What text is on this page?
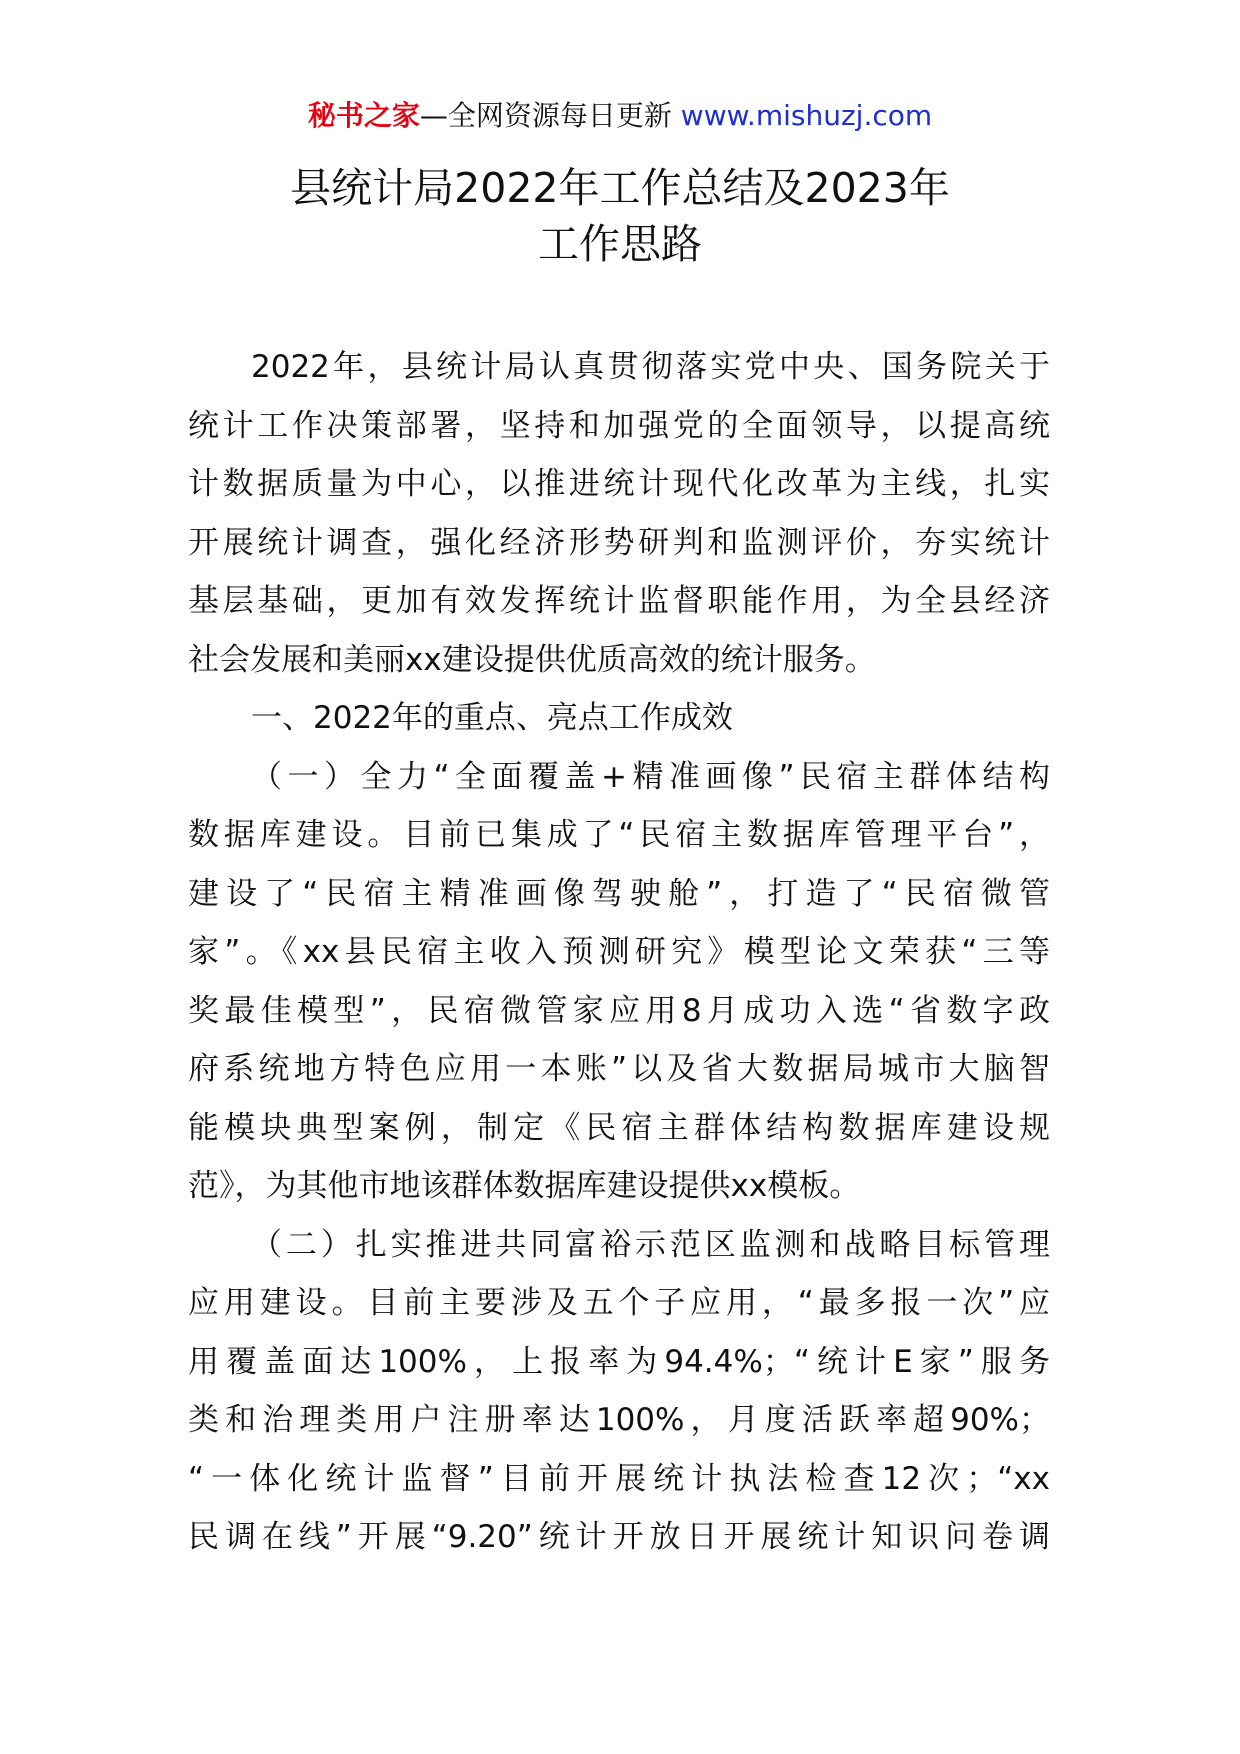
秘书之家—全网资源每日更新 www.mishuzj.com
县统计局2022年工作总结及2023年
工作思路

2022年，县统计局认真贯彻落实党中央、国务院关于
统计工作决策部署，坚持和加强党的全面领导，以提高统
计数据质量为中心，以推进统计现代化改革为主线，扎实
开展统计调查，强化经济形势研判和监测评价，夯实统计
基层基础，更加有效发挥统计监督职能作用，为全县经济
社会发展和美丽xx建设提供优质高效的统计服务。

一、2022年的重点、亮点工作成效

（一）全力“全面覆盖+精准画像”民宿主群体结构
数据库建设。目前已集成了“民宿主数据库管理平台”，
建设了“民宿主精准画像驾驶舱”，打造了“民宿微管
家”。《xx县民宿主收入预测研究》模型论文荣获“三等
奖最佳模型”，民宿微管家应用8月成功入选“省数字政
府系统地方特色应用一本账”以及省大数据局城市大脑智
能模块典型案例，制定《民宿主群体结构数据库建设规
范》，为其他市地该群体数据库建设提供xx模板。

（二）扎实推进共同富裕示范区监测和战略目标管理
应用建设。目前主要涉及五个子应用，“最多报一次”应
用覆盖面达100%，上报率为94.4%；“统计E家”服务
类和治理类用户注册率达100%，月度活跃率超90%；
“一体化统计监督”目前开展统计执法检查12次；“xx
民调在线”开展“9.20”统计开放日开展统计知识问卷调
